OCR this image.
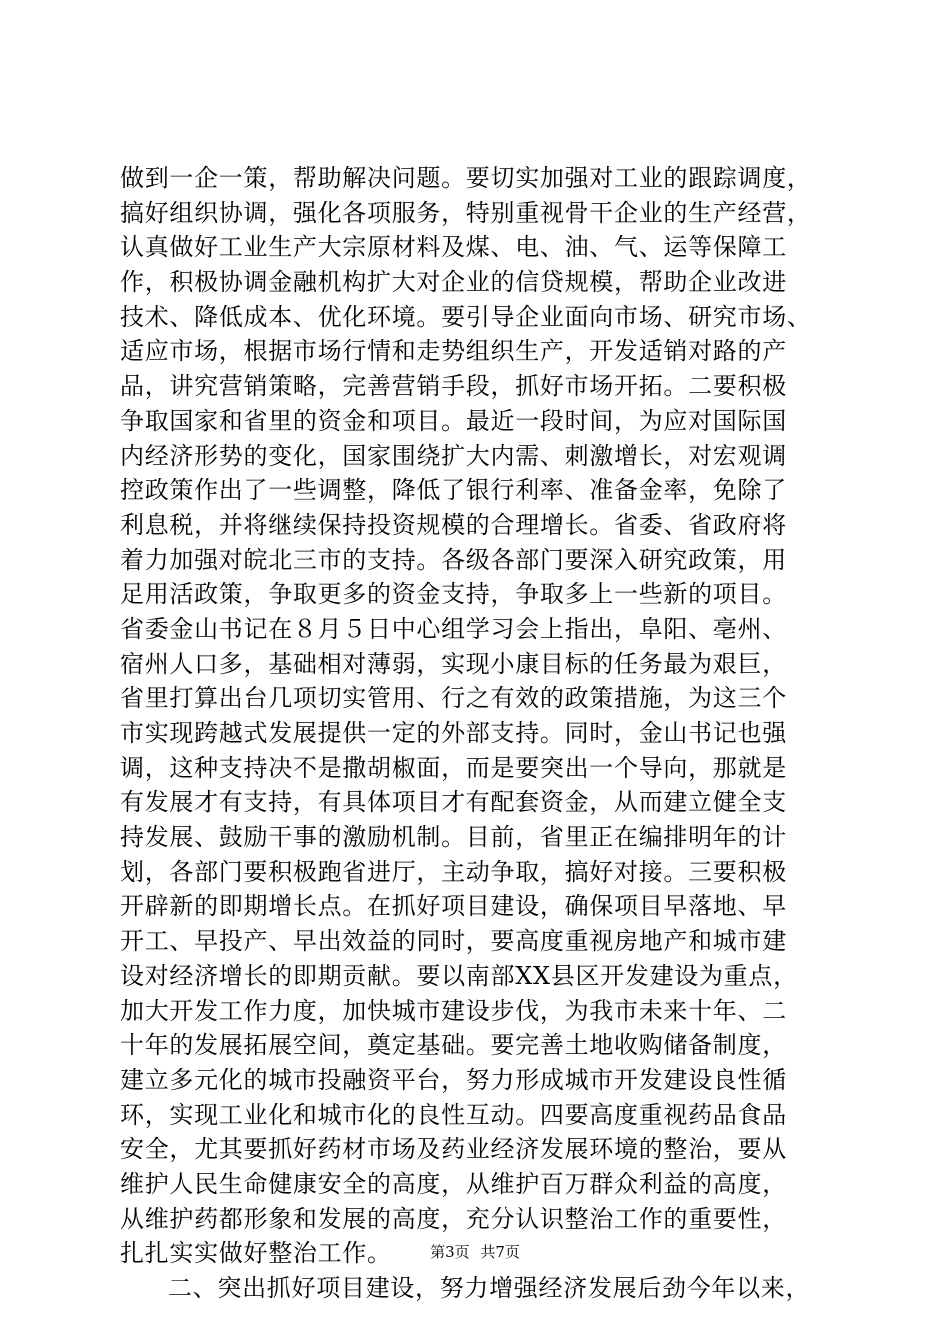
做到一企一策，帮助解决问题。要切实加强对工业的跟踪调度，
搞好组织协调，强化各项服务，特别重视骨干企业的生产经营，
认真做好工业生产大宗原材料及煤、电、油、气、运等保障工
作，积极协调金融机构扩大对企业的信贷规模，帮助企业改进
技术、降低成本、优化环境。要引导企业面向市场、研究市场、
适应市场，根据市场行情和走势组织生产，开发适销对路的产
品，讲究营销策略，完善营销手段，抓好市场开拓。二要积极
争取国家和省里的资金和项目。最近一段时间，为应对国际国
内经济形势的变化，国家围绕扩大内需、刺激增长，对宏观调
控政策作出了一些调整，降低了银行利率、准备金率，免除了
利息税，并将继续保持投资规模的合理增长。省委、省政府将
着力加强对皖北三市的支持。各级各部门要深入研究政策，用
足用活政策，争取更多的资金支持，争取多上一些新的项目。
省委金山书记在８月５日中心组学习会上指出，阜阳、亳州、
宿州人口多，基础相对薄弱，实现小康目标的任务最为艰巨，
省里打算出台几项切实管用、行之有效的政策措施，为这三个
市实现跨越式发展提供一定的外部支持。同时，金山书记也强
调，这种支持决不是撒胡椒面，而是要突出一个导向，那就是
有发展才有支持，有具体项目才有配套资金，从而建立健全支
持发展、鼓励干事的激励机制。目前，省里正在编排明年的计
划，各部门要积极跑省进厅，主动争取，搞好对接。三要积极
开辟新的即期增长点。在抓好项目建设，确保项目早落地、早
开工、早投产、早出效益的同时，要高度重视房地产和城市建
设对经济增长的即期贡献。要以南部XX县区开发建设为重点，
加大开发工作力度，加快城市建设步伐，为我市未来十年、二
十年的发展拓展空间，奠定基础。要完善土地收购储备制度，
建立多元化的城市投融资平台，努力形成城市开发建设良性循
环，实现工业化和城市化的良性互动。四要高度重视药品食品
安全，尤其要抓好药材市场及药业经济发展环境的整治，要从
维护人民生命健康安全的高度，从维护百万群众利益的高度，
从维护药都形象和发展的高度，充分认识整治工作的重要性，
扎扎实实做好整治工作。
二、突出抓好项目建设，努力增强经济发展后劲今年以来，
第3页 共7页
